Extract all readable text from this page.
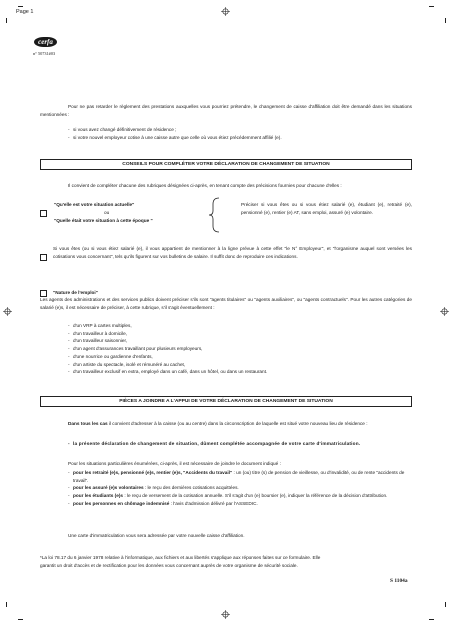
Page 1
cerfa
n° 50731#03
Pour ne pas retarder le règlement des prestations auxquelles vous pourriez prétendre, le changement de caisse d'affiliation doit être demandé dans les situations mentionnées :
- si vous avez changé définitivement de résidence ;
- si votre nouvel employeur cotise à une caisse autre que celle où vous étiez précédemment affilié (e).
CONSEILS POUR COMPLÉTER VOTRE DÉCLARATION DE CHANGEMENT DE SITUATION
Il convient de compléter chacune des rubriques désignées ci-après, en tenant compte des précisions fournies pour chacune d'elles :
"Qu'elle est votre situation actuelle"
ou
"Quelle était votre situation à cette époque "
Préciser si vous êtes ou si vous étiez salarié (e), étudiant (e), retraité (e), pensionné (e), rentier (e) AT, sans emploi, assuré (e) volontaire.
Si vous êtes (ou si vous étiez salarié (e), il vous appartient de mentionner à la ligne prévue à cette effet "le N° Employeur", et "l'organisme auquel sont versées les cotisations vous concernant", tels qu'ils figurent sur vos bulletins de salaire. Il suffit donc de reproduire ces indications.
"Nature de l'emploi"
Les agents des administrations et des services publics doivent préciser s'ils sont "agents titulaires" ou "agents auxiliaires", ou "agents contractuels". Pour les autres catégories de salarié (e)s, il est nécessaire de préciser, à cette rubrique, s'il s'agit éventuellement :
- d'un VRP à cartes multiples,
- d'un travailleur à domicile,
- d'un travailleur saisonnier,
- d'un agent d'assurances travaillant pour plusieurs employeurs,
- d'une nourrice ou gardienne d'enfants,
- d'un artiste du spectacle, isolé et rémunéré au cachet,
- d'un travailleur exclusif en extra, employé dans un café, dans un hôtel, ou dans un restaurant.
PIÈCES A JOINDRE A L'APPUI DE VOTRE DÉCLARATION DE CHANGEMENT DE SITUATION
Dans tous les cas il convient d'adresser à la caisse (ou au centre) dans la circonscription de laquelle est situé votre nouveau lieu de résidence :
- la présente déclaration de changement de situation, dûment complétée accompagnée de votre carte d'immatriculation.
Pour les situations particulières énumérées, ci-après, il est nécessaire de joindre le document indiqué :
- pour les retraité (e)s, pensionné (e)s, rentier (e)s, "Accidents du travail" : un (ou) titre (s) de pension de vieillesse, ou d'invalidité, ou de rente "accidents de travail".
- pour les assuré (e)s volontaires : le reçu des dernières cotisations acquittées.
- pour les étudiants (e)s : le reçu de versement de la cotisation annuelle. S'il s'agit d'un (e) boursier (e), indiquer la référence de la décision d'attribution.
- pour les personnes en chômage indemnisé : l'avis d'admission délivré par l'ASSEDIC.
Une carte d'immatriculation vous sera adressée par votre nouvelle caisse d'affiliation.
*La loi 78.17 du 6 janvier 1978 relative à l'informatique, aux fichiers et aux libertés s'applique aux réponses faites sur ce formulaire. Elle garantit un droit d'accès et de rectification pour les données vous concernant auprès de votre organisme de sécurité sociale.
S 1104a
